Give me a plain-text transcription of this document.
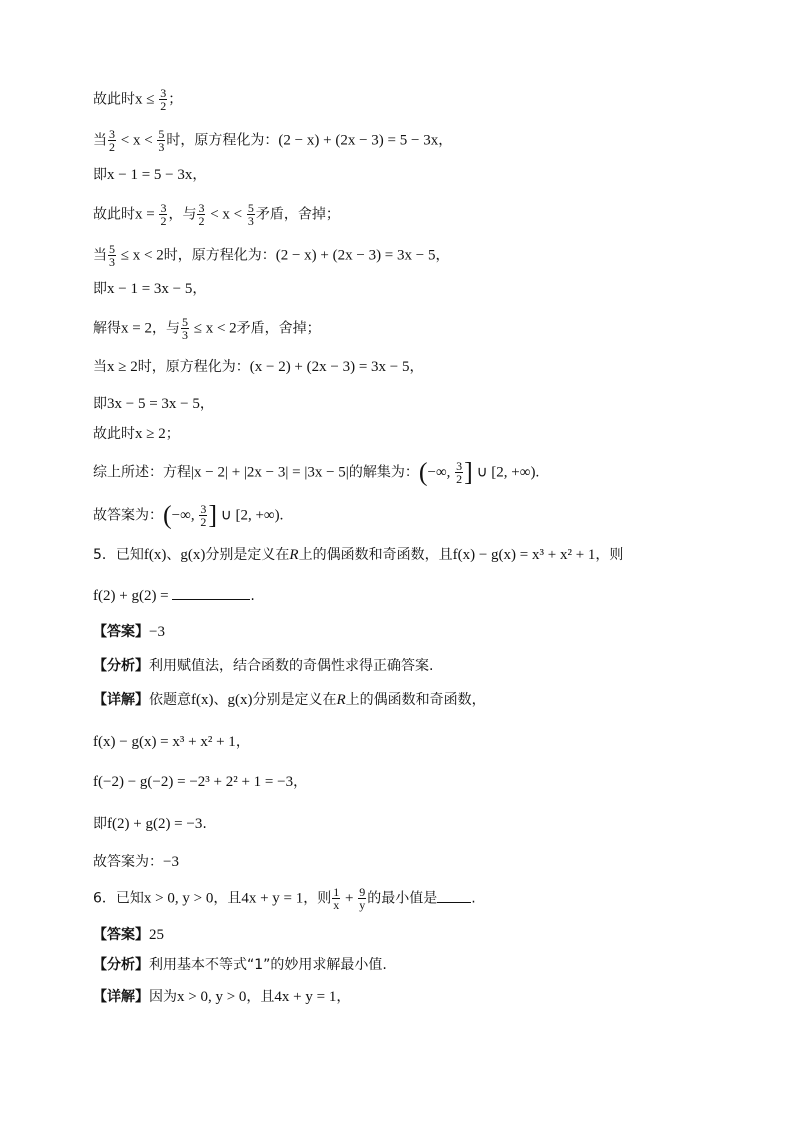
故此时$x \le \frac{3}{2}$ ；
当 $\frac{3}{2} < x < \frac{5}{3}$ 时，原方程化为：(2 − x) + (2x − 3) = 5 − 3x，
即x − 1 = 5 − 3x，
故此时$x = \frac{3}{2}$ ，与 $\frac{3}{2} < x < \frac{5}{3}$ 矛盾，舍掉；
当 $\frac{5}{3} \le x < 2$时，原方程化为：(2 − x) + (2x − 3) = 3x − 5，
即x − 1 = 3x − 5，
解得x = 2，与 $\frac{5}{3} \le x < 2$矛盾，舍掉；
当x ≥ 2时，原方程化为：(x − 2) + (2x − 3) = 3x − 5，
即3x − 5 = 3x − 5，
故此时x ≥ 2；
综上所述：方程|x − 2| + |2x − 3| = |3x − 5|的解集为：(−∞, $\frac{3}{2}$ ] ∪ [2, +∞).
故答案为：(−∞, $\frac{3}{2}$ ] ∪ [2, +∞).
5．已知f(x)、g(x)分别是定义在R上的偶函数和奇函数，且f(x) − g(x) = x³ + x² + 1，则
f(2) + g(2) =	.
【答案】−3
【分析】利用赋值法，结合函数的奇偶性求得正确答案.
【详解】依题意f(x)、g(x)分别是定义在R上的偶函数和奇函数，
f(x) − g(x) = x³ + x² + 1，
f(−2) − g(−2) = −2³ + 2² + 1 = −3，
即f(2) + g(2) = −3.
故答案为：−3
6．已知x > 0, y > 0，且4x + y = 1，则 $\frac{1}{x} + \frac{9}{y}$ 的最小值是 .
【答案】25
【分析】利用基本不等式“1”的妙用求解最小值.
【详解】因为x > 0, y > 0，且4x + y = 1，
